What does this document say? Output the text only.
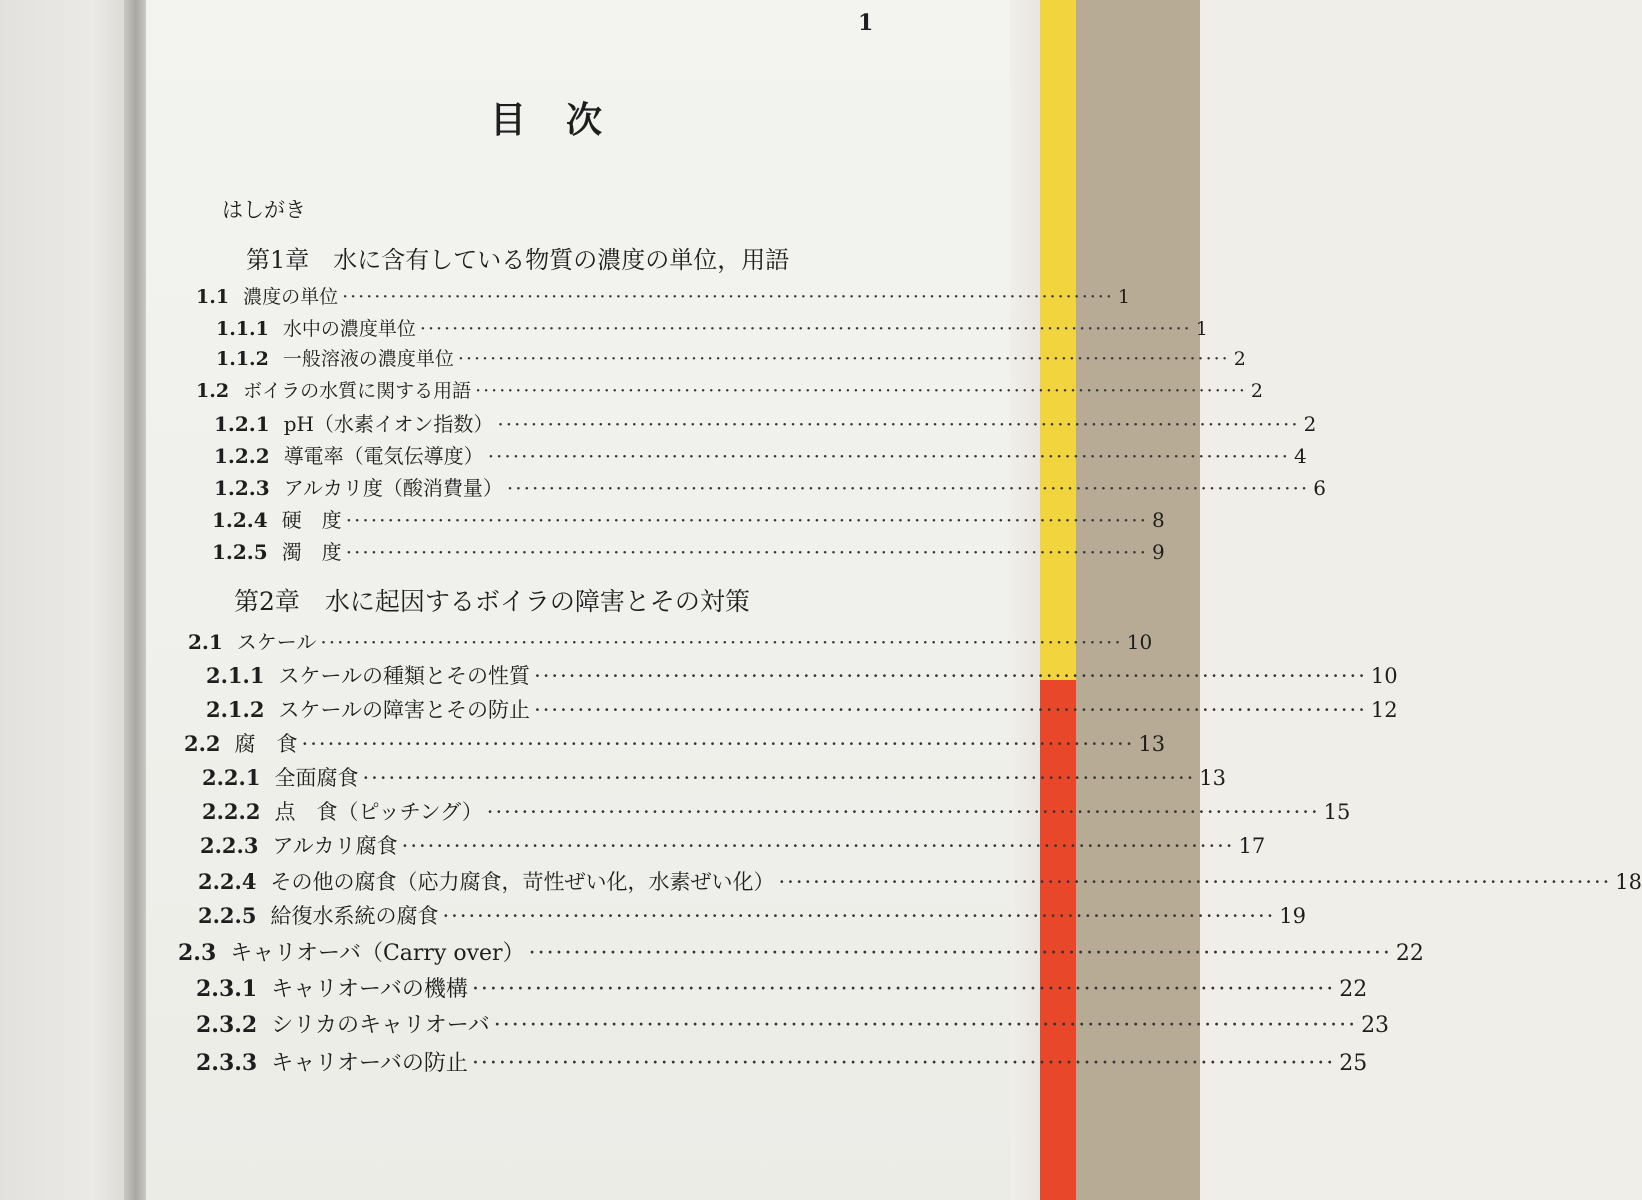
1
目次
はしがき
第1章　水に含有している物質の濃度の単位，用語
1.1 濃度の単位 ································································································ 1
1.1.1 水中の濃度単位 ································································································ 1
1.1.2 一般溶液の濃度単位 ································································································ 2
1.2 ボイラの水質に関する用語 ································································································ 2
1.2.1 pH（水素イオン指数） ································································································ 2
1.2.2 導電率（電気伝導度） ································································································ 4
1.2.3 アルカリ度（酸消費量） ································································································ 6
1.2.4 硬　度 ································································································ 8
1.2.5 濁　度 ································································································ 9
第2章　水に起因するボイラの障害とその対策
2.1 スケール ································································································ 10
2.1.1 スケールの種類とその性質 ································································································ 10
2.1.2 スケールの障害とその防止 ································································································ 12
2.2 腐　食 ································································································ 13
2.2.1 全面腐食 ································································································ 13
2.2.2 点　食（ピッチング） ································································································ 15
2.2.3 アルカリ腐食 ································································································ 17
2.2.4 その他の腐食（応力腐食，苛性ぜい化，水素ぜい化） ································································································ 18
2.2.5 給復水系統の腐食 ································································································ 19
2.3 キャリオーバ（Carry over） ································································································ 22
2.3.1 キャリオーバの機構 ································································································ 22
2.3.2 シリカのキャリオーバ ································································································ 23
2.3.3 キャリオーバの防止 ································································································ 25
